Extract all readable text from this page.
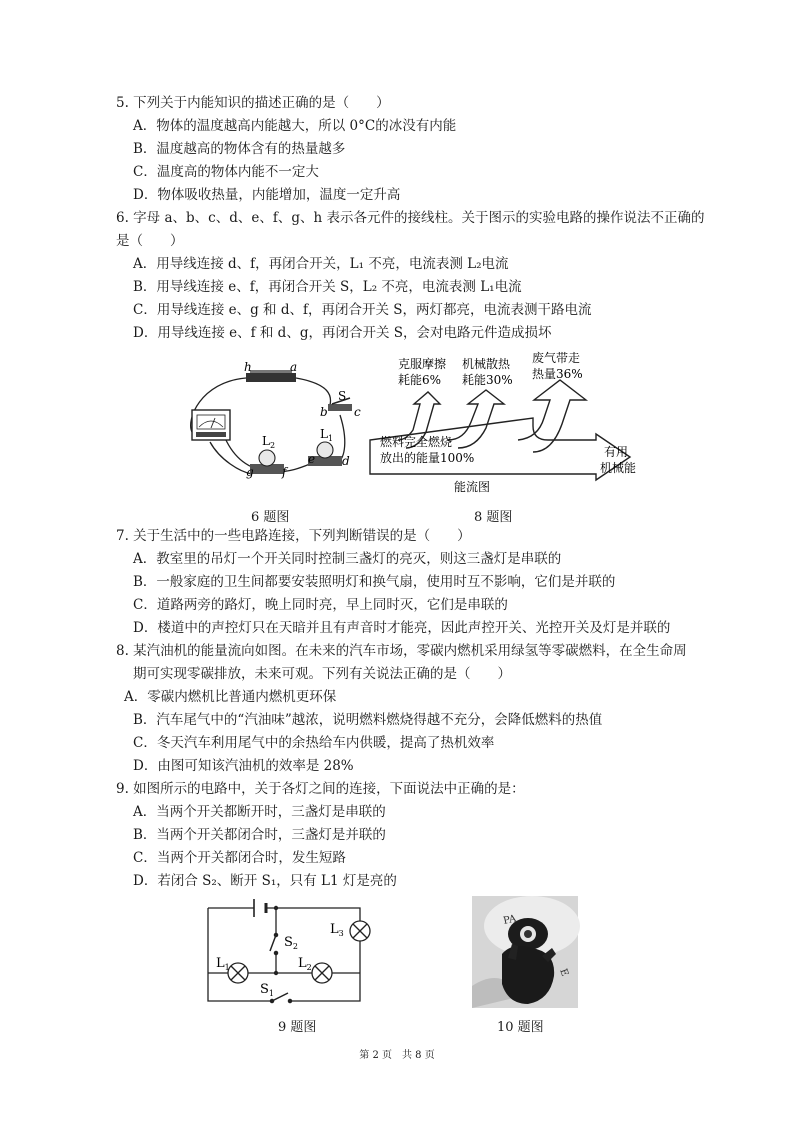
5. 下列关于内能知识的描述正确的是（　　）
A．物体的温度越高内能越大，所以 0°C的冰没有内能
B．温度越高的物体含有的热量越多
C．温度高的物体内能不一定大
D．物体吸收热量，内能增加，温度一定升高
6. 字母 a、b、c、d、e、f、g、h 表示各元件的接线柱。关于图示的实验电路的操作说法不正确的
是（　　）
A．用导线连接 d、f，再闭合开关，L₁ 不亮，电流表测 L₂电流
B．用导线连接 e、f，再闭合开关 S，L₂ 不亮，电流表测 L₁电流
C．用导线连接 e、g 和 d、f，再闭合开关 S，两灯都亮，电流表测干路电流
D．用导线连接 e、f 和 d、g，再闭合开关 S，会对电路元件造成损坏
h	a
b c
S
$L_2$
$L_1$
e d
g f
6 题图
克服摩擦
耗能6%
机械散热
耗能30%
废气带走
热量36%
燃料完全燃烧
放出的能量100%	有用
机械能
能流图
8 题图
7. 关于生活中的一些电路连接，下列判断错误的是（　　）
A．教室里的吊灯一个开关同时控制三盏灯的亮灭，则这三盏灯是串联的
B．一般家庭的卫生间都要安装照明灯和换气扇，使用时互不影响，它们是并联的
C．道路两旁的路灯，晚上同时亮，早上同时灭，它们是串联的
D．楼道中的声控灯只在天暗并且有声音时才能亮，因此声控开关、光控开关及灯是并联的
8. 某汽油机的能量流向如图。在未来的汽车市场，零碳内燃机采用绿氢等零碳燃料，在全生命周
期可实现零碳排放，未来可观。下列有关说法正确的是（　　）
A．零碳内燃机比普通内燃机更环保
B．汽车尾气中的“汽油味”越浓，说明燃料燃烧得越不充分，会降低燃料的热值
C．冬天汽车利用尾气中的余热给车内供暖，提高了热机效率
D．由图可知该汽油机的效率是 28%
9. 如图所示的电路中，关于各灯之间的连接，下面说法中正确的是：
A．当两个开关都断开时，三盏灯是串联的
B．当两个开关都闭合时，三盏灯是并联的
C．当两个开关都闭合时，发生短路
D．若闭合 S₂、断开 S₁，只有 L1 灯是亮的
$S_2$
$L_3$
$L_1$	$L_2$
$S_1$
9 题图
PA
E
10 题图
第 2 页　共 8 页
